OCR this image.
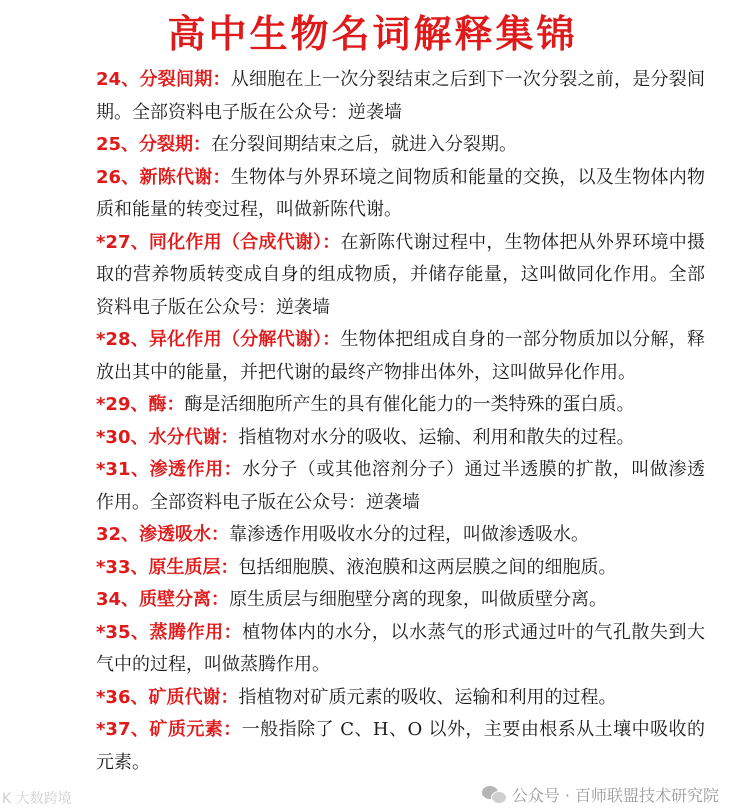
高中生物名词解释集锦
24、分裂间期：从细胞在上一次分裂结束之后到下一次分裂之前，是分裂间期。全部资料电子版在公众号：逆袭墙
25、分裂期：在分裂间期结束之后，就进入分裂期。
26、新陈代谢：生物体与外界环境之间物质和能量的交换，以及生物体内物质和能量的转变过程，叫做新陈代谢。
*27、同化作用（合成代谢）：在新陈代谢过程中，生物体把从外界环境中摄取的营养物质转变成自身的组成物质，并储存能量，这叫做同化作用。全部资料电子版在公众号：逆袭墙
*28、异化作用（分解代谢）：生物体把组成自身的一部分物质加以分解，释放出其中的能量，并把代谢的最终产物排出体外，这叫做异化作用。
*29、酶：酶是活细胞所产生的具有催化能力的一类特殊的蛋白质。
*30、水分代谢：指植物对水分的吸收、运输、利用和散失的过程。
*31、渗透作用：水分子（或其他溶剂分子）通过半透膜的扩散，叫做渗透作用。全部资料电子版在公众号：逆袭墙
32、渗透吸水：靠渗透作用吸收水分的过程，叫做渗透吸水。
*33、原生质层：包括细胞膜、液泡膜和这两层膜之间的细胞质。
34、质壁分离：原生质层与细胞壁分离的现象，叫做质壁分离。
*35、蒸腾作用：植物体内的水分，以水蒸气的形式通过叶的气孔散失到大气中的过程，叫做蒸腾作用。
*36、矿质代谢：指植物对矿质元素的吸收、运输和利用的过程。
*37、矿质元素：一般指除了 C、H、O 以外，主要由根系从土壤中吸收的元素。
K 大数跨境	公众号 · 百师联盟技术研究院
